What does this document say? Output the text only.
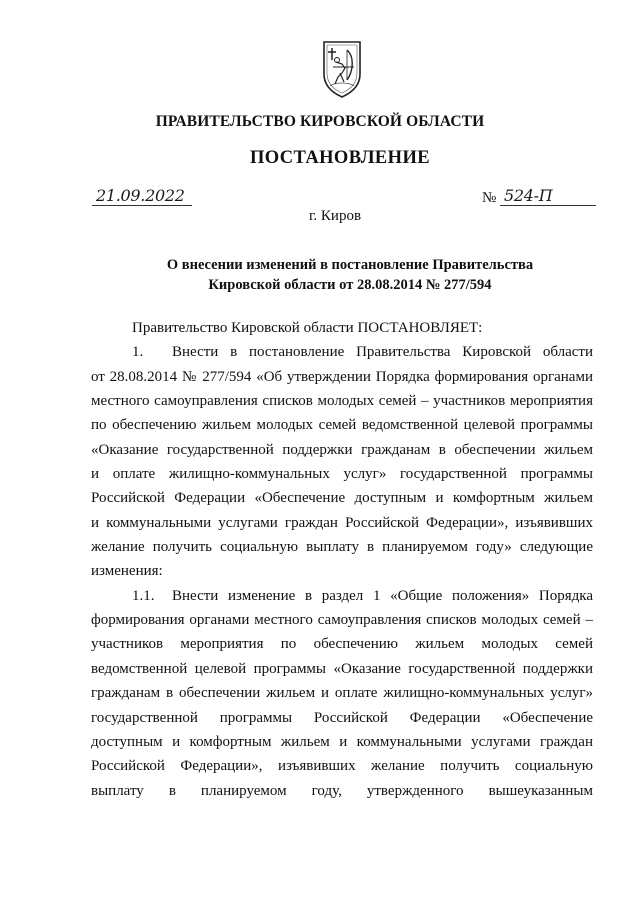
ПРАВИТЕЛЬСТВО КИРОВСКОЙ ОБЛАСТИ
ПОСТАНОВЛЕНИЕ
21.09.2022	№ 524-П
г. Киров
О внесении изменений в постановление Правительства
Кировской области от 28.08.2014 № 277/594

Правительство Кировской области ПОСТАНОВЛЯЕТ:

1. Внести в постановление Правительства Кировской области

от 28.08.2014 № 277/594 «Об утверждении Порядка формирования органами

местного самоуправления списков молодых семей – участников мероприятия

по обеспечению жильем молодых семей ведомственной целевой программы

«Оказание государственной поддержки гражданам в обеспечении жильем

и оплате жилищно-коммунальных услуг» государственной программы

Российской Федерации «Обеспечение доступным и комфортным жильем

и коммунальными услугами граждан Российской Федерации», изъявивших

желание получить социальную выплату в планируемом году» следующие

изменения:

1.1. Внести изменение в раздел 1 «Общие положения» Порядка

формирования органами местного самоуправления списков молодых семей –

участников мероприятия по обеспечению жильем молодых семей

ведомственной целевой программы «Оказание государственной поддержки

гражданам в обеспечении жильем и оплате жилищно-коммунальных услуг»

государственной программы Российской Федерации «Обеспечение

доступным и комфортным жильем и коммунальными услугами граждан

Российской Федерации», изъявивших желание получить социальную

выплату в планируемом году, утвержденного вышеуказанным
